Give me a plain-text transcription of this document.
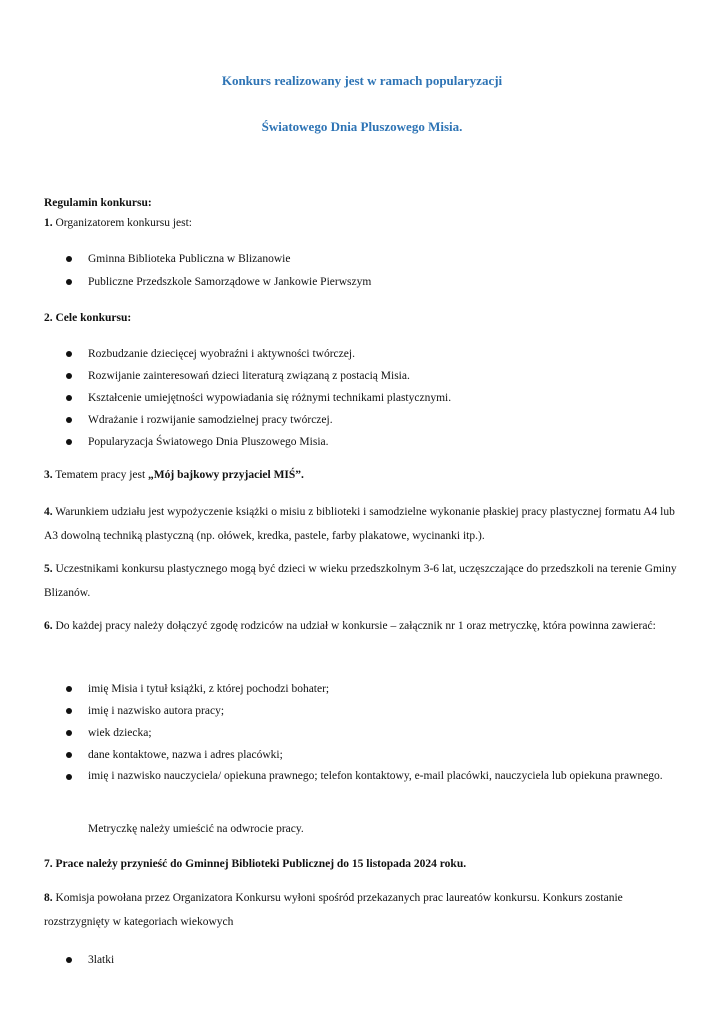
Konkurs realizowany jest w ramach popularyzacji

Światowego Dnia Pluszowego Misia.

Regulamin konkursu:

1. Organizatorem konkursu jest:

Gminna Biblioteka Publiczna w Blizanowie

Publiczne Przedszkole Samorządowe w Jankowie Pierwszym

2. Cele konkursu:

Rozbudzanie dziecięcej wyobraźni i aktywności twórczej.

Rozwijanie zainteresowań dzieci literaturą związaną z postacią Misia.

Kształcenie umiejętności wypowiadania się różnymi technikami plastycznymi.

Wdrażanie i rozwijanie samodzielnej pracy twórczej.

Popularyzacja Światowego Dnia Pluszowego Misia.

3. Tematem pracy jest „Mój bajkowy przyjaciel MIŚ”.

4. Warunkiem udziału jest wypożyczenie książki o misiu z biblioteki i samodzielne wykonanie płaskiej pracy plastycznej formatu A4 lub A3 dowolną techniką plastyczną (np. ołówek, kredka, pastele, farby plakatowe, wycinanki itp.).

5. Uczestnikami konkursu plastycznego mogą być dzieci w wieku przedszkolnym 3-6 lat, uczęszczające do przedszkoli na terenie Gminy Blizanów.

6. Do każdej pracy należy dołączyć zgodę rodziców na udział w konkursie – załącznik nr 1 oraz metryczkę, która powinna zawierać:

imię Misia i tytuł książki, z której pochodzi bohater;

imię i nazwisko autora pracy;

wiek dziecka;

dane kontaktowe, nazwa i adres placówki;

imię i nazwisko nauczyciela/ opiekuna prawnego; telefon kontaktowy, e-mail placówki, nauczyciela lub opiekuna prawnego.

Metryczkę należy umieścić na odwrocie pracy.

7. Prace należy przynieść do Gminnej Biblioteki Publicznej do 15 listopada 2024 roku.

8. Komisja powołana przez Organizatora Konkursu wyłoni spośród przekazanych prac laureatów konkursu. Konkurs zostanie rozstrzygnięty w kategoriach wiekowych

3latki
